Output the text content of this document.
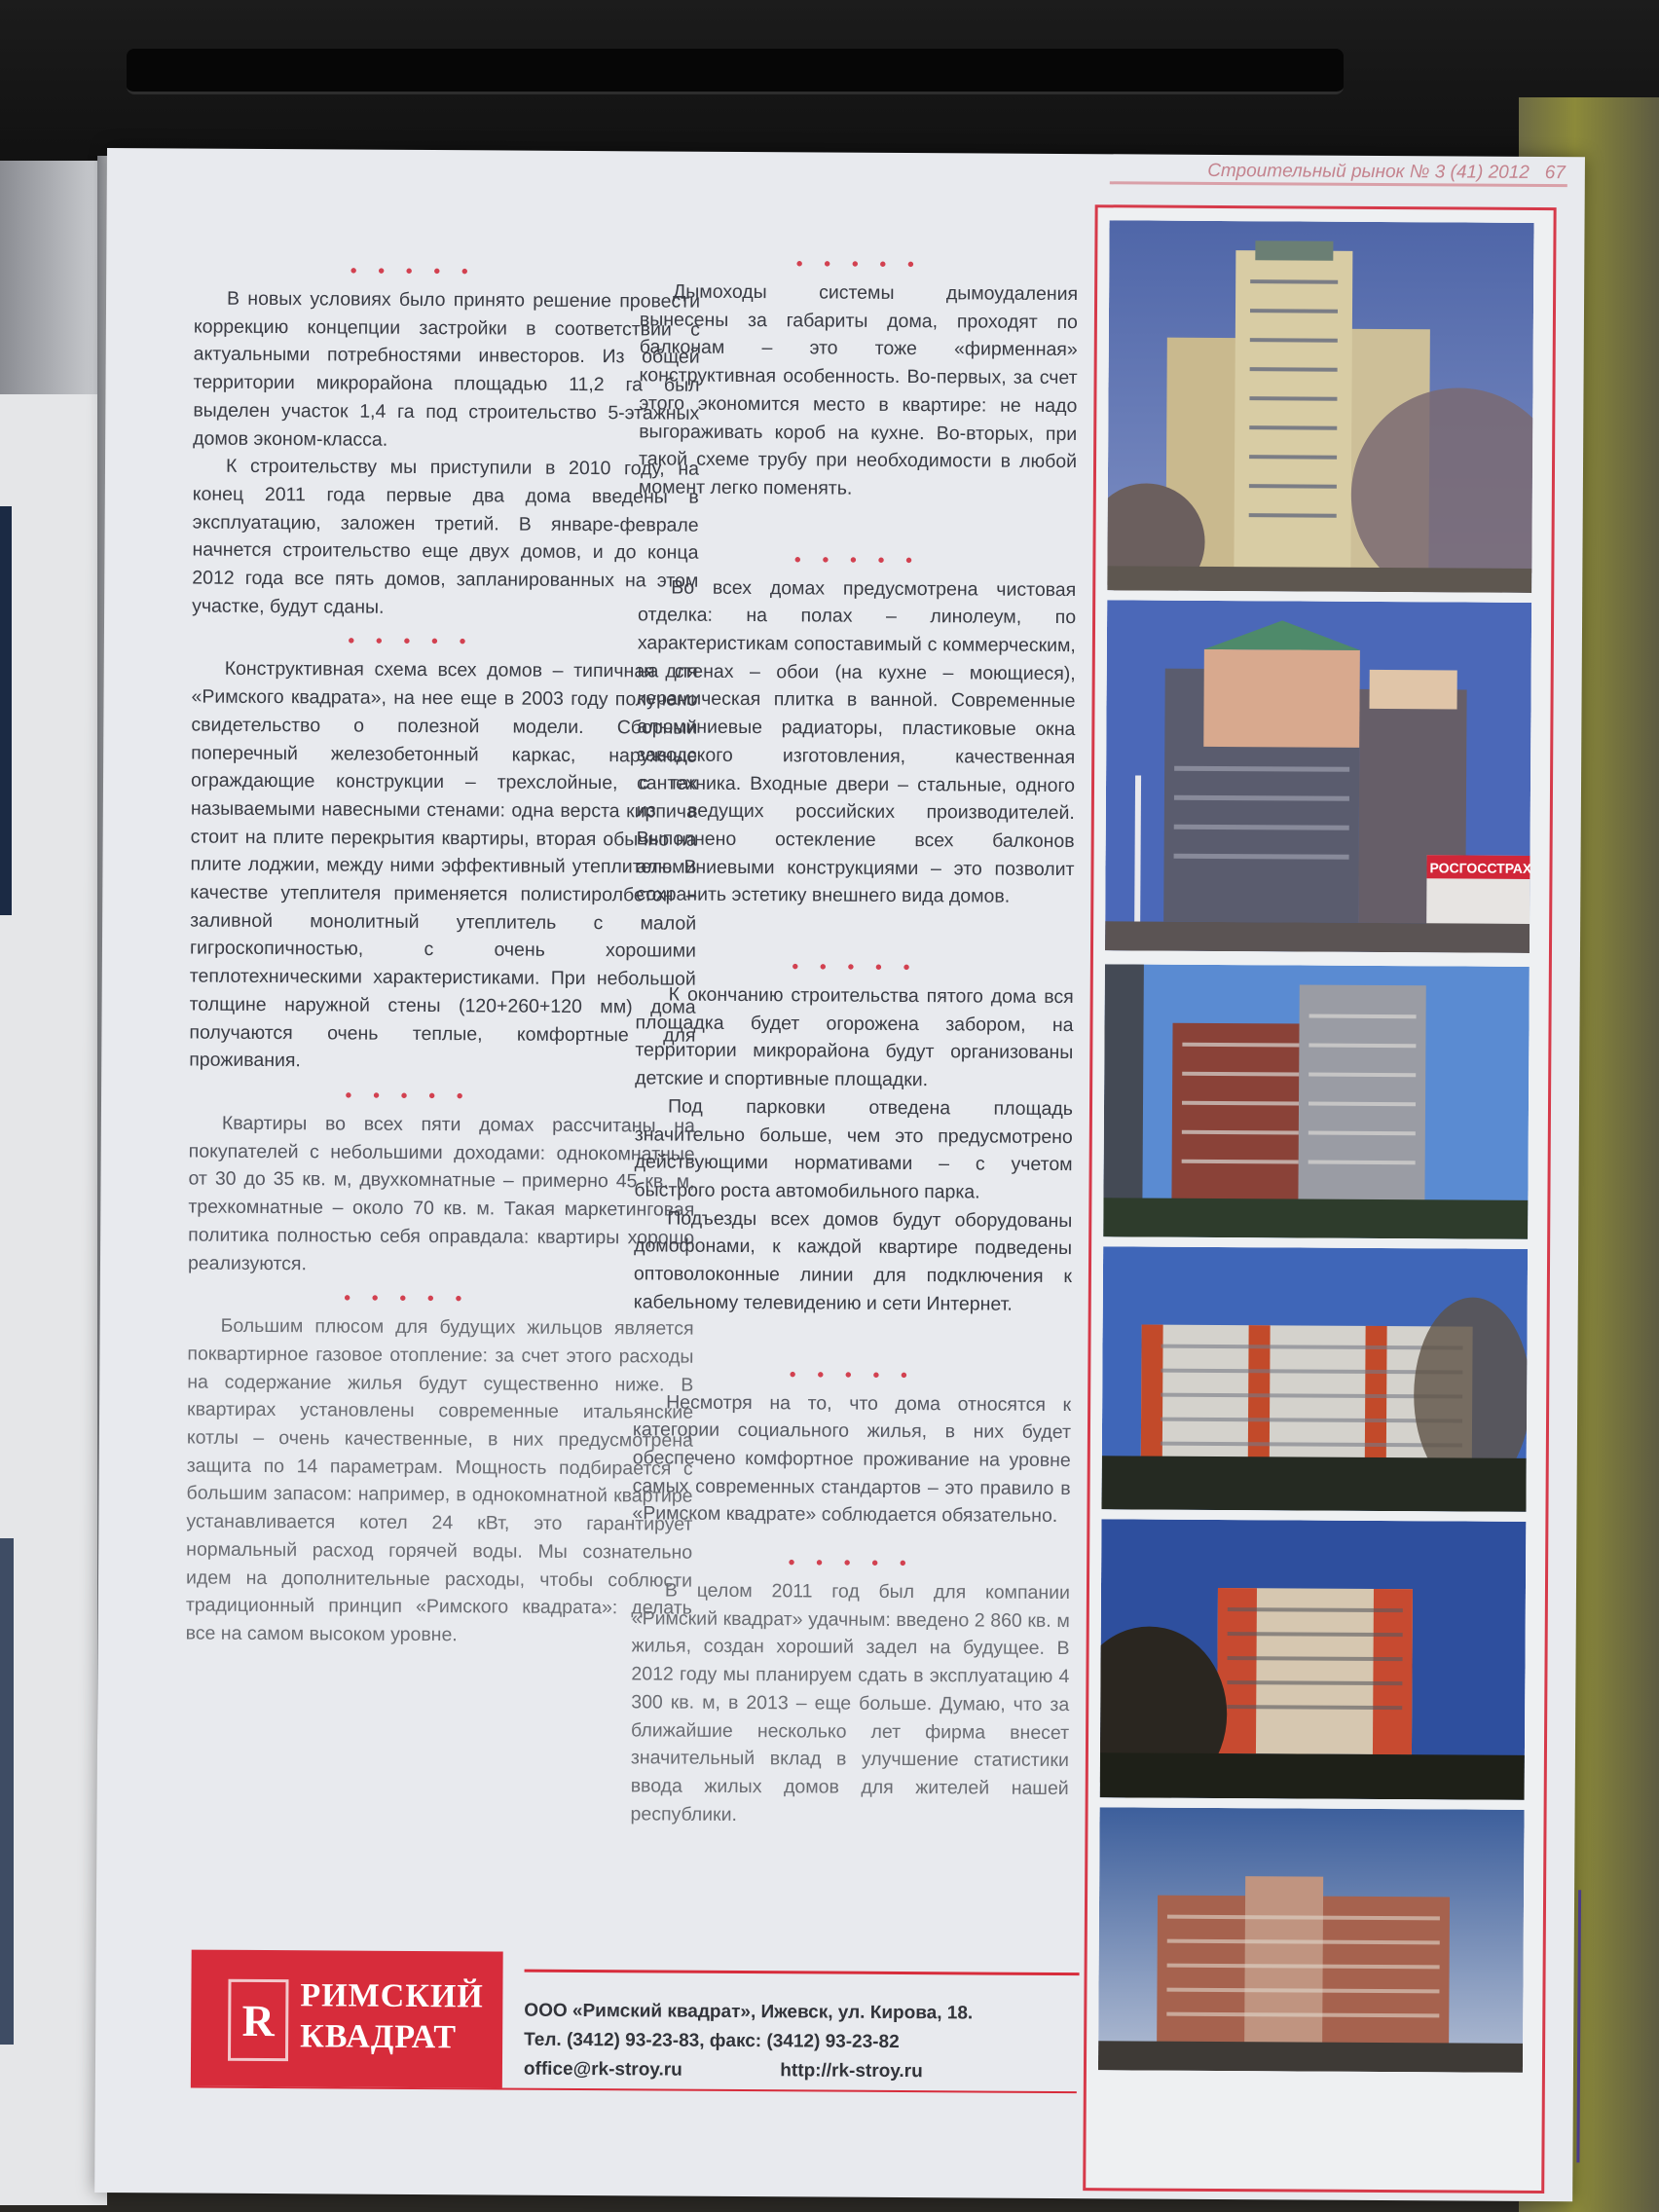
Строительный рынок № 3 (41) 2012 67
• • • • •

В новых условиях было принято решение провести коррекцию концепции застройки в соответствии с актуальными потребностями инвесторов. Из общей территории микрорайона площадью 11,2 га был выделен участок 1,4 га под строительство 5-этажных домов эконом-класса.

К строительству мы приступили в 2010 году, на конец 2011 года первые два дома введены в эксплуатацию, заложен третий. В январе-феврале начнется строительство еще двух домов, и до конца 2012 года все пять домов, запланированных на этом участке, будут сданы.

• • • • •

Конструктивная схема всех домов – типичная для «Римского квадрата», на нее еще в 2003 году получено свидетельство о полезной модели. Сборный поперечный железобетонный каркас, наружные ограждающие конструкции – трехслойные, с так называемыми навесными стенами: одна верста кирпича стоит на плите перекрытия квартиры, вторая обычно на плите лоджии, между ними эффективный утеплитель. В качестве утеплителя применяется полистиролбетон – заливной монолитный утеплитель с малой гигроскопичностью, с очень хорошими теплотехническими характеристиками. При небольшой толщине наружной стены (120+260+120 мм) дома получаются очень теплые, комфортные для проживания.

• • • • •

Квартиры во всех пяти домах рассчитаны на покупателей с небольшими доходами: однокомнатные от 30 до 35 кв. м, двухкомнатные – примерно 45 кв. м, трехкомнатные – около 70 кв. м. Такая маркетинговая политика полностью себя оправдала: квартиры хорошо реализуются.

• • • • •

Большим плюсом для будущих жильцов является поквартирное газовое отопление: за счет этого расходы на содержание жилья будут существенно ниже. В квартирах установлены современные итальянские котлы – очень качественные, в них предусмотрена защита по 14 параметрам. Мощность подбирается с большим запасом: например, в однокомнатной квартире устанавливается котел 24 кВт, это гарантирует нормальный расход горячей воды. Мы сознательно идем на дополнительные расходы, чтобы соблюсти традиционный принцип «Римского квадрата»: делать все на самом высоком уровне.

• • • • •

Дымоходы системы дымоудаления вынесены за габариты дома, проходят по балконам – это тоже «фирменная» конструктивная особенность. Во-первых, за счет этого экономится место в квартире: не надо выгораживать короб на кухне. Во-вторых, при такой схеме трубу при необходимости в любой момент легко поменять.

• • • • •

Во всех домах предусмотрена чистовая отделка: на полах – линолеум, по характеристикам сопоставимый с коммерческим, на стенах – обои (на кухне – моющиеся), керамическая плитка в ванной. Современные алюминиевые радиаторы, пластиковые окна заводского изготовления, качественная сантехника. Входные двери – стальные, одного из ведущих российских производителей. Выполнено остекление всех балконов алюминиевыми конструкциями – это позволит сохранить эстетику внешнего вида домов.

• • • • •

К окончанию строительства пятого дома вся площадка будет огорожена забором, на территории микрорайона будут организованы детские и спортивные площадки.

Под парковки отведена площадь значительно больше, чем это предусмотрено действующими нормативами – с учетом быстрого роста автомобильного парка.

Подъезды всех домов будут оборудованы домофонами, к каждой квартире подведены оптоволоконные линии для подключения к кабельному телевидению и сети Интернет.

• • • • •

Несмотря на то, что дома относятся к категории социального жилья, в них будет обеспечено комфортное проживание на уровне самых современных стандартов – это правило в «Римском квадрате» соблюдается обязательно.

• • • • •

В целом 2011 год был для компании «Римский квадрат» удачным: введено 2 860 кв. м жилья, создан хороший задел на будущее. В 2012 году мы планируем сдать в эксплуатацию 4 300 кв. м, в 2013 – еще больше. Думаю, что за ближайшие несколько лет фирма внесет значительный вклад в улучшение статистики ввода жилых домов для жителей нашей республики.

РОСГОССТРАХ
R РИМСКИЙ
КВАДРАТ
ООО «Римский квадрат», Ижевск, ул. Кирова, 18.
Тел. (3412) 93-23-83, факс: (3412) 93-23-82
office@rk-stroy.ru	http://rk-stroy.ru
